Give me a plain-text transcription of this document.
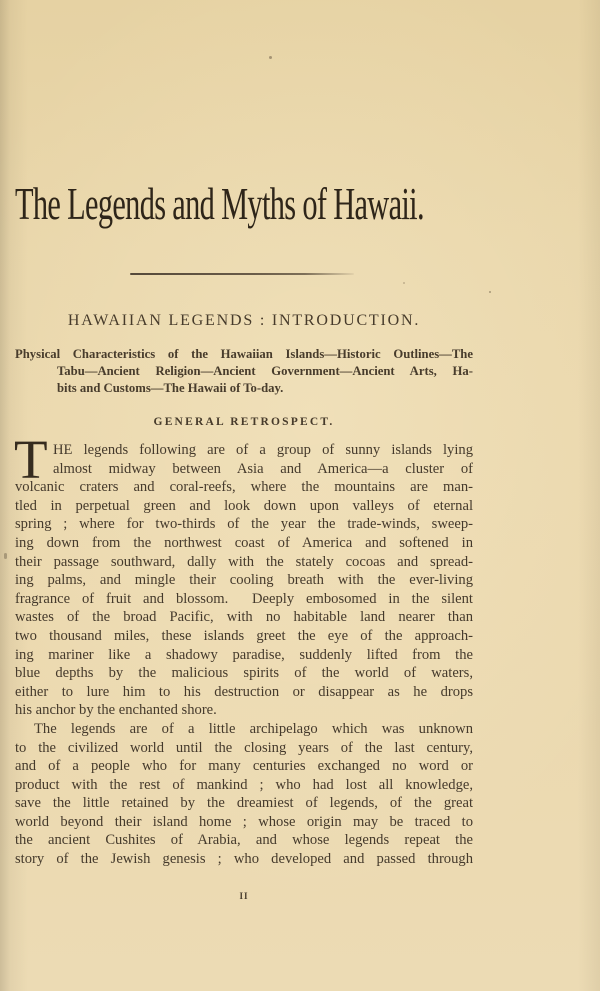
The Legends and Myths of Hawaii.
HAWAIIAN LEGENDS : INTRODUCTION.
Physical Characteristics of the Hawaiian Islands—Historic Outlines—The
Tabu—Ancient Religion—Ancient Government—Ancient Arts, Ha-
bits and Customs—The Hawaii of To-day.
GENERAL RETROSPECT.
T HE legends following are of a group of sunny islands lying
almost midway between Asia and America—a cluster of
volcanic craters and coral-reefs, where the mountains are man-
tled in perpetual green and look down upon valleys of eternal
spring ; where for two-thirds of the year the trade-winds, sweep-
ing down from the northwest coast of America and softened in
their passage southward, dally with the stately cocoas and spread-
ing palms, and mingle their cooling breath with the ever-living
fragrance of fruit and blossom.  Deeply embosomed in the silent
wastes of the broad Pacific, with no habitable land nearer than
two thousand miles, these islands greet the eye of the approach-
ing mariner like a shadowy paradise, suddenly lifted from the
blue depths by the malicious spirits of the world of waters,
either to lure him to his destruction or disappear as he drops
his anchor by the enchanted shore.
The legends are of a little archipelago which was unknown
to the civilized world until the closing years of the last century,
and of a people who for many centuries exchanged no word or
product with the rest of mankind ; who had lost all knowledge,
save the little retained by the dreamiest of legends, of the great
world beyond their island home ; whose origin may be traced to
the ancient Cushites of Arabia, and whose legends repeat the
story of the Jewish genesis ; who developed and passed through
II
